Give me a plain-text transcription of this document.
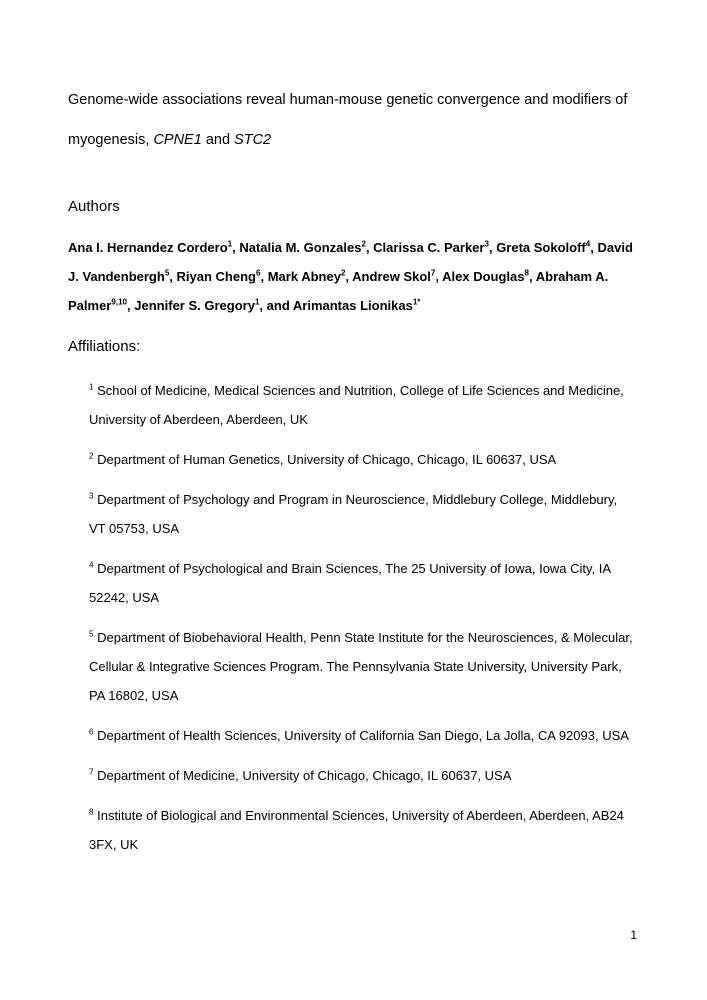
Genome-wide associations reveal human-mouse genetic convergence and modifiers of myogenesis, CPNE1 and STC2
Authors

Ana I. Hernandez Cordero$^1$, Natalia M. Gonzales$^2$, Clarissa C. Parker$^3$, Greta Sokoloff$^4$, David J. Vandenbergh$^5$, Riyan Cheng$^6$, Mark Abney$^2$, Andrew Skol$^7$, Alex Douglas$^8$, Abraham A. Palmer$^{9,10}$, Jennifer S. Gregory$^1$, and Arimantas Lionikas$^{1*}$

Affiliations:
$^1$ School of Medicine, Medical Sciences and Nutrition, College of Life Sciences and Medicine, University of Aberdeen, Aberdeen, UK
$^2$ Department of Human Genetics, University of Chicago, Chicago, IL 60637, USA
$^3$ Department of Psychology and Program in Neuroscience, Middlebury College, Middlebury, VT 05753, USA
$^4$ Department of Psychological and Brain Sciences, The 25 University of Iowa, Iowa City, IA 52242, USA
$^5$ Department of Biobehavioral Health, Penn State Institute for the Neurosciences, & Molecular, Cellular & Integrative Sciences Program. The Pennsylvania State University, University Park, PA 16802, USA
$^6$ Department of Health Sciences, University of California San Diego, La Jolla, CA 92093, USA
$^7$ Department of Medicine, University of Chicago, Chicago, IL 60637, USA
$^8$ Institute of Biological and Environmental Sciences, University of Aberdeen, Aberdeen, AB24 3FX, UK
1
